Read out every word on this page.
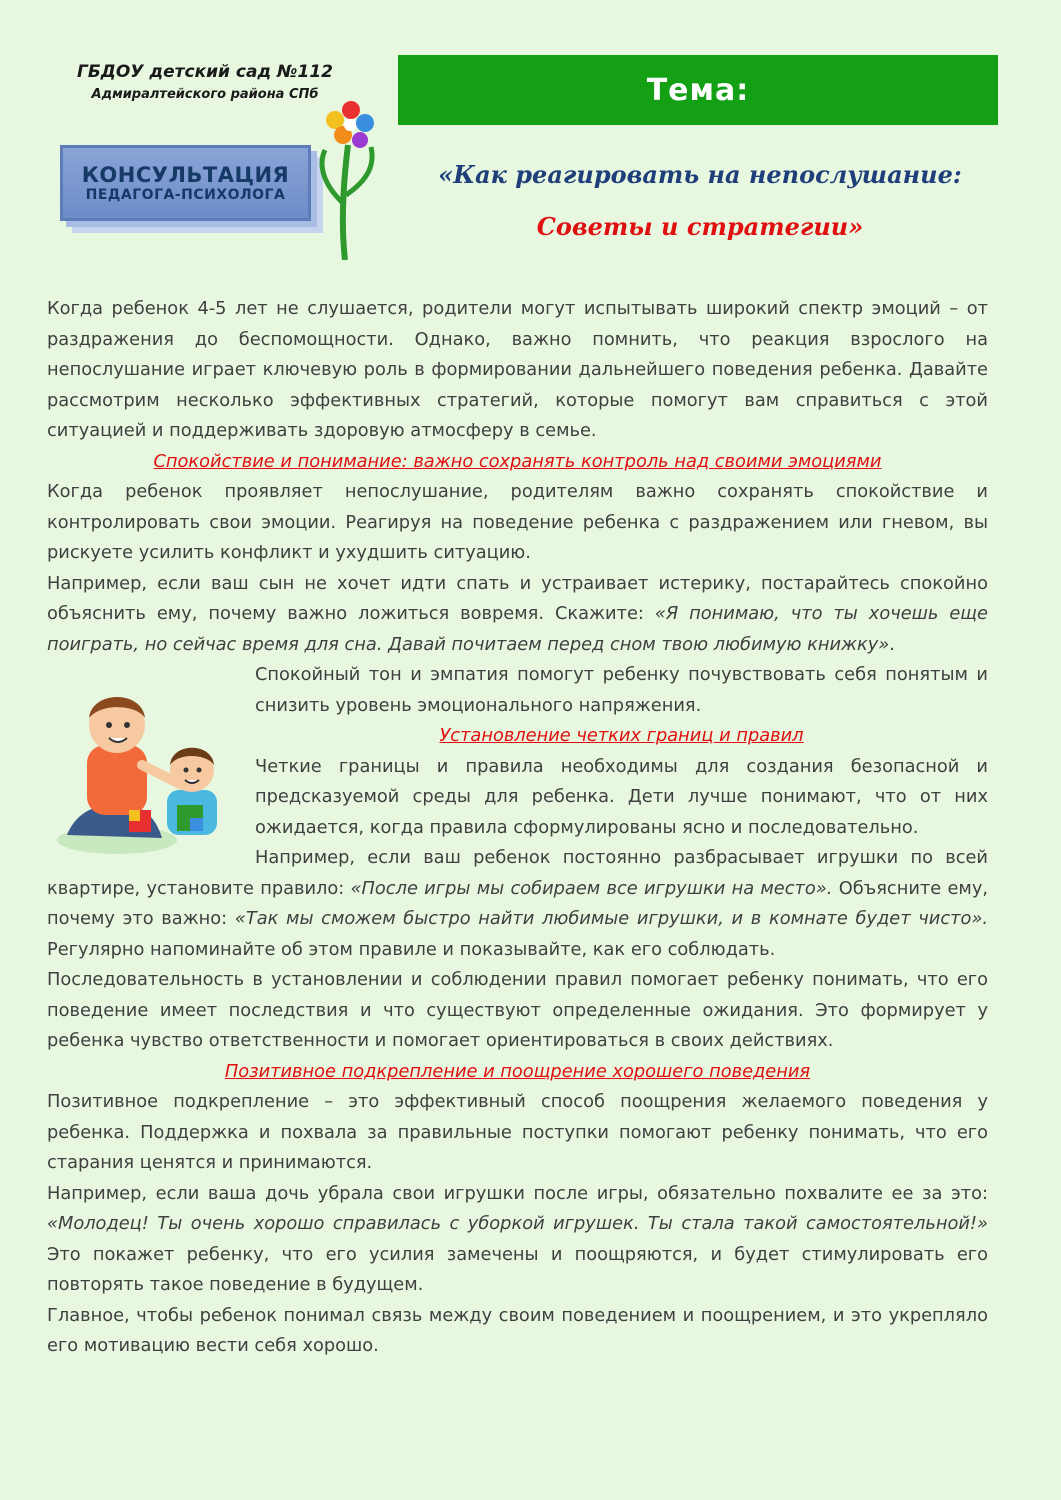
ГБДОУ детский сад №112
Адмиралтейского района СПб
КОНСУЛЬТАЦИЯ
ПЕДАГОГА-ПСИХОЛОГА
Тема:
«Как реагировать на непослушание:
Советы и стратегии»

Когда ребенок 4-5 лет не слушается, родители могут испытывать широкий спектр эмоций – от раздражения до беспомощности. Однако, важно помнить, что реакция взрослого на непослушание играет ключевую роль в формировании дальнейшего поведения ребенка. Давайте рассмотрим несколько эффективных стратегий, которые помогут вам справиться с этой ситуацией и поддерживать здоровую атмосферу в семье.

Спокойствие и понимание: важно сохранять контроль над своими эмоциями

Когда ребенок проявляет непослушание, родителям важно сохранять спокойствие и контролировать свои эмоции. Реагируя на поведение ребенка с раздражением или гневом, вы рискуете усилить конфликт и ухудшить ситуацию.

Например, если ваш сын не хочет идти спать и устраивает истерику, постарайтесь спокойно объяснить ему, почему важно ложиться вовремя. Скажите: «Я понимаю, что ты хочешь еще поиграть, но сейчас время для сна. Давай почитаем перед сном твою любимую книжку».

Спокойный тон и эмпатия помогут ребенку почувствовать себя понятым и снизить уровень эмоционального напряжения.

Установление четких границ и правил

Четкие границы и правила необходимы для создания безопасной и предсказуемой среды для ребенка. Дети лучше понимают, что от них ожидается, когда правила сформулированы ясно и последовательно.

Например, если ваш ребенок постоянно разбрасывает игрушки по всей квартире, установите правило: «После игры мы собираем все игрушки на место». Объясните ему, почему это важно: «Так мы сможем быстро найти любимые игрушки, и в комнате будет чисто». Регулярно напоминайте об этом правиле и показывайте, как его соблюдать.

Последовательность в установлении и соблюдении правил помогает ребенку понимать, что его поведение имеет последствия и что существуют определенные ожидания. Это формирует у ребенка чувство ответственности и помогает ориентироваться в своих действиях.

Позитивное подкрепление и поощрение хорошего поведения

Позитивное подкрепление – это эффективный способ поощрения желаемого поведения у ребенка. Поддержка и похвала за правильные поступки помогают ребенку понимать, что его старания ценятся и принимаются.

Например, если ваша дочь убрала свои игрушки после игры, обязательно похвалите ее за это: «Молодец! Ты очень хорошо справилась с уборкой игрушек. Ты стала такой самостоятельной!» Это покажет ребенку, что его усилия замечены и поощряются, и будет стимулировать его повторять такое поведение в будущем.

Главное, чтобы ребенок понимал связь между своим поведением и поощрением, и это укрепляло его мотивацию вести себя хорошо.
